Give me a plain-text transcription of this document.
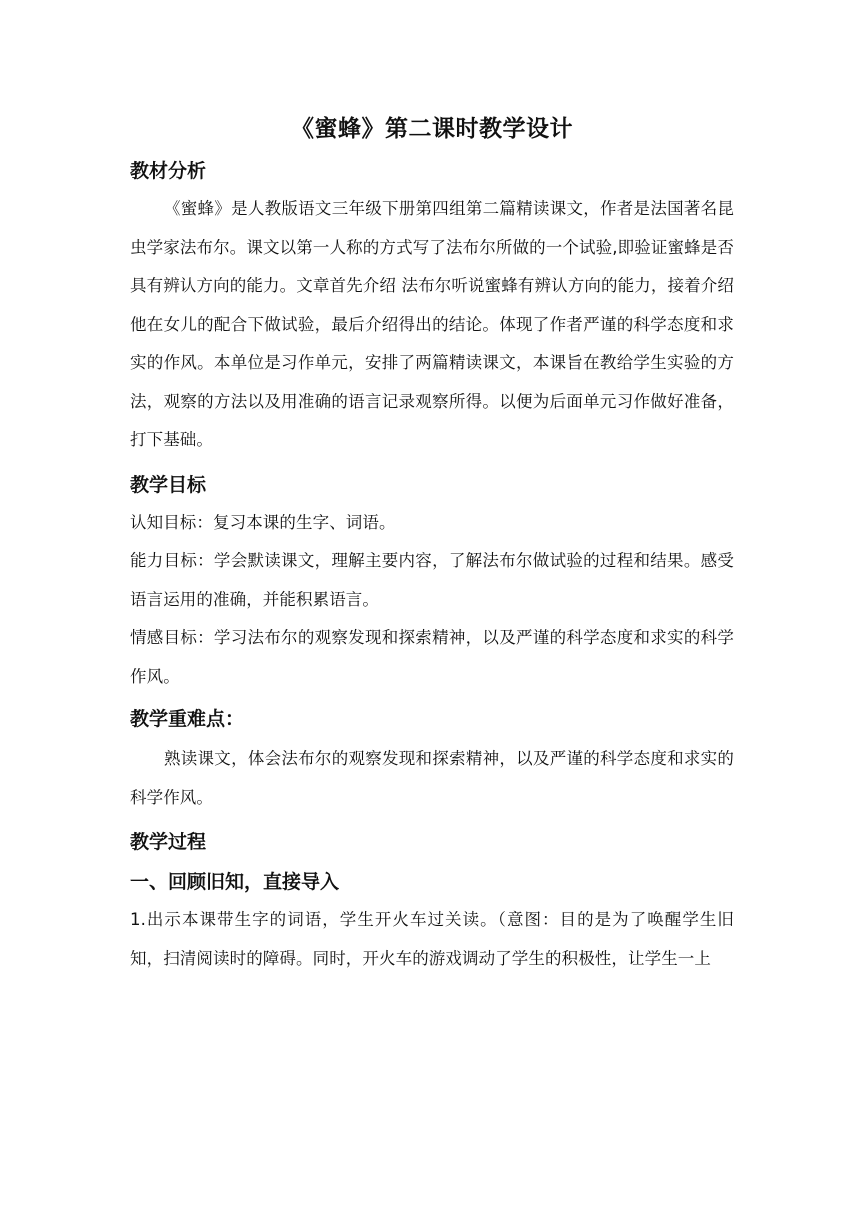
《蜜蜂》第二课时教学设计
教材分析

《蜜蜂》是人教版语文三年级下册第四组第二篇精读课文，作者是法国著名昆虫学家法布尔。课文以第一人称的方式写了法布尔所做的一个试验,即验证蜜蜂是否具有辨认方向的能力。文章首先介绍 法布尔听说蜜蜂有辨认方向的能力，接着介绍他在女儿的配合下做试验，最后介绍得出的结论。体现了作者严谨的科学态度和求实的作风。本单位是习作单元，安排了两篇精读课文，本课旨在教给学生实验的方法，观察的方法以及用准确的语言记录观察所得。以便为后面单元习作做好准备，打下基础。

教学目标

认知目标：复习本课的生字、词语。

能力目标：学会默读课文，理解主要内容，了解法布尔做试验的过程和结果。感受语言运用的准确，并能积累语言。

情感目标：学习法布尔的观察发现和探索精神，以及严谨的科学态度和求实的科学作风。

教学重难点：

熟读课文，体会法布尔的观察发现和探索精神，以及严谨的科学态度和求实的科学作风。

教学过程
一、回顾旧知，直接导入

1.出示本课带生字的词语，学生开火车过关读。（意图：目的是为了唤醒学生旧知，扫清阅读时的障碍。同时，开火车的游戏调动了学生的积极性，让学生一上
